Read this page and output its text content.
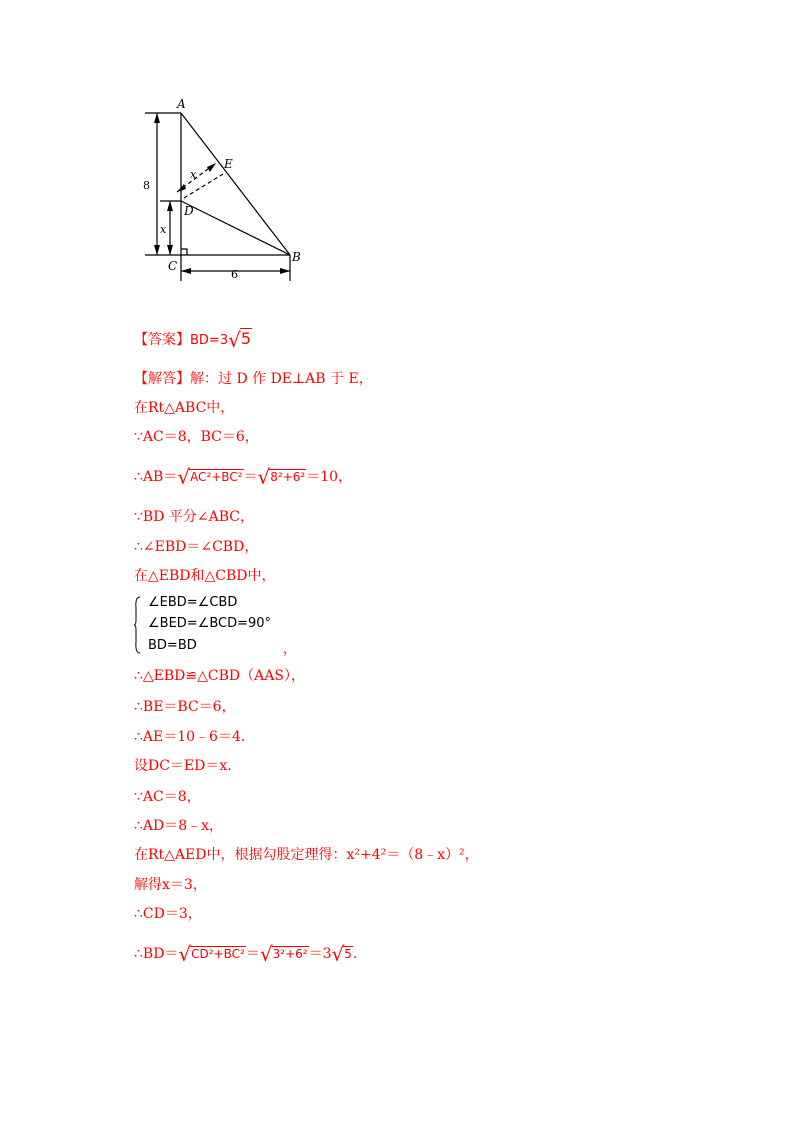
A
B
C
D
E
8
x
x
6
【答案】BD=3√5
【解答】解：过 D 作 DE⊥AB 于 E，
在Rt△ABC中，
∵AC＝8，BC＝6，
∴AB＝√AC²+BC²＝√8²+6²＝10，
∵BD 平分∠ABC，
∴∠EBD＝∠CBD，
在△EBD和△CBD中，
∠EBD=∠CBD
∠BED=∠BCD=90°
BD=BD	，
∴△EBD≌△CBD（AAS），
∴BE＝BC＝6，
∴AE＝10﹣6＝4．
设DC＝ED＝x.
∵AC＝8，
∴AD＝8﹣x，
在Rt△AED中，根据勾股定理得：x²+4²＝（8﹣x）²，
解得x＝3，
∴CD＝3，
∴BD＝√CD²+BC²＝√3²+6²＝3√5.
